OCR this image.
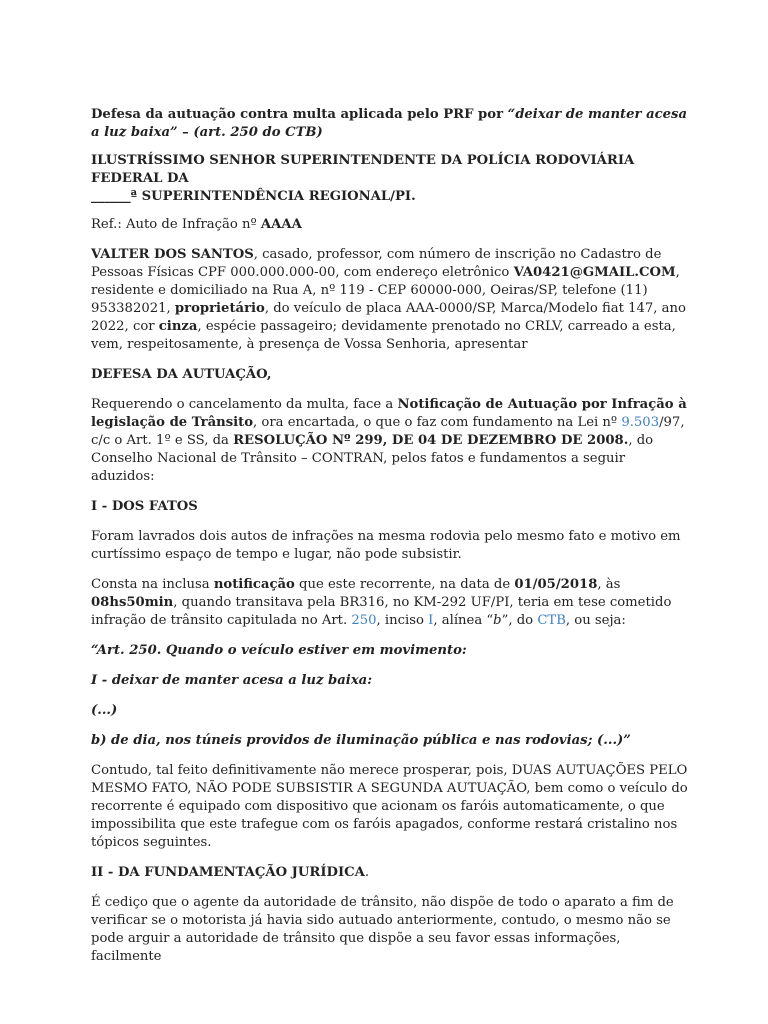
Defesa da autuação contra multa aplicada pelo PRF por “deixar de manter acesa a luz baixa” – (art. 250 do CTB)

ILUSTRÍSSIMO SENHOR SUPERINTENDENTE DA POLÍCIA RODOVIÁRIA FEDERAL DA
______ª SUPERINTENDÊNCIA REGIONAL/PI.

Ref.: Auto de Infração nº AAAA

VALTER DOS SANTOS, casado, professor, com número de inscrição no Cadastro de Pessoas Físicas CPF 000.000.000-00, com endereço eletrônico VA0421@GMAIL.COM, residente e domiciliado na Rua A, nº 119 - CEP 60000-000, Oeiras/SP, telefone (11) 953382021, proprietário, do veículo de placa AAA-0000/SP, Marca/Modelo fiat 147, ano 2022, cor cinza, espécie passageiro; devidamente prenotado no CRLV, carreado a esta, vem, respeitosamente, à presença de Vossa Senhoria, apresentar

DEFESA DA AUTUAÇÃO,

Requerendo o cancelamento da multa, face a Notificação de Autuação por Infração à legislação de Trânsito, ora encartada, o que o faz com fundamento na Lei nº 9.503/97, c/c o Art. 1º e SS, da RESOLUÇÃO Nº 299, DE 04 DE DEZEMBRO DE 2008., do Conselho Nacional de Trânsito – CONTRAN, pelos fatos e fundamentos a seguir aduzidos:

I - DOS FATOS

Foram lavrados dois autos de infrações na mesma rodovia pelo mesmo fato e motivo em curtíssimo espaço de tempo e lugar, não pode subsistir.

Consta na inclusa notificação que este recorrente, na data de 01/05/2018, às 08hs50min, quando transitava pela BR316, no KM-292 UF/PI, teria em tese cometido infração de trânsito capitulada no Art. 250, inciso I, alínea “b”, do CTB, ou seja:

“Art. 250. Quando o veículo estiver em movimento:

I - deixar de manter acesa a luz baixa:

(...)

b) de dia, nos túneis providos de iluminação pública e nas rodovias; (...)”

Contudo, tal feito definitivamente não merece prosperar, pois, DUAS AUTUAÇÕES PELO MESMO FATO, NÃO PODE SUBSISTIR A SEGUNDA AUTUAÇÃO, bem como o veículo do recorrente é equipado com dispositivo que acionam os faróis automaticamente, o que impossibilita que este trafegue com os faróis apagados, conforme restará cristalino nos tópicos seguintes.

II - DA FUNDAMENTAÇÃO JURÍDICA.

É cediço que o agente da autoridade de trânsito, não dispõe de todo o aparato a fim de verificar se o motorista já havia sido autuado anteriormente, contudo, o mesmo não se pode arguir a autoridade de trânsito que dispõe a seu favor essas informações, facilmente
